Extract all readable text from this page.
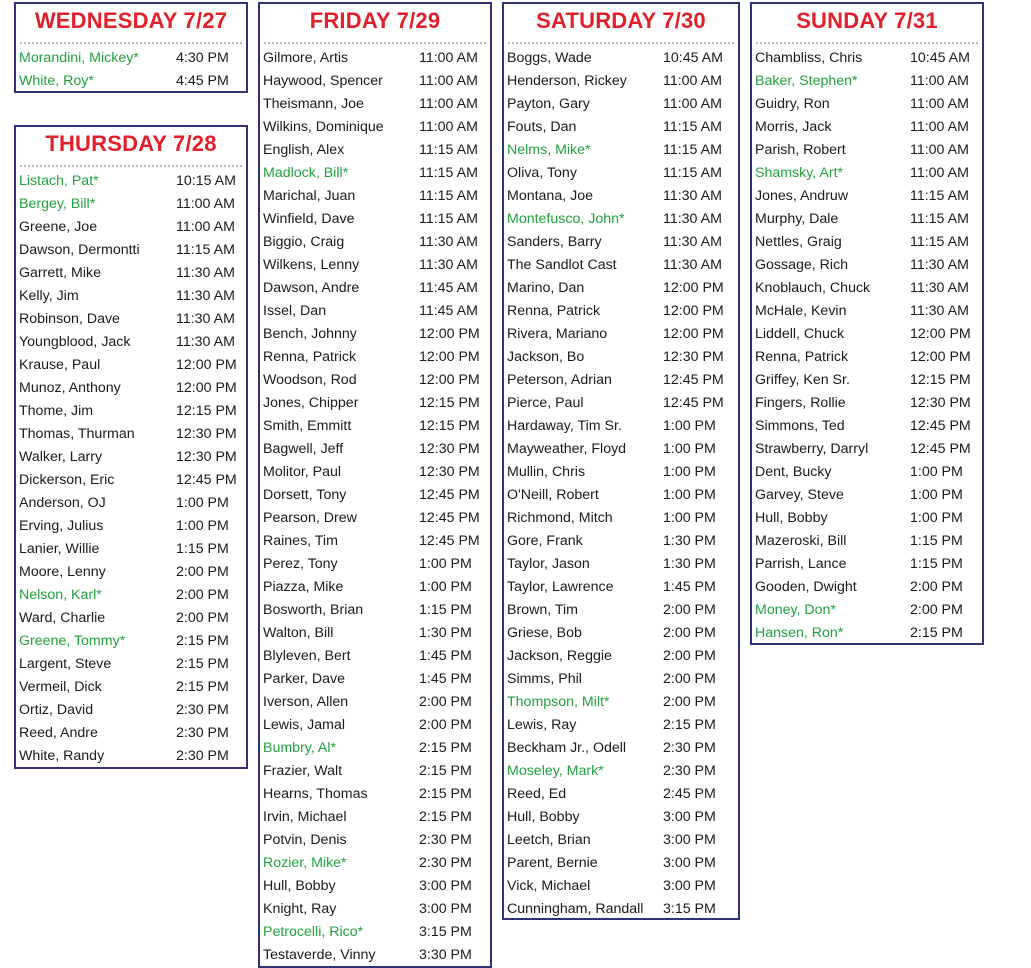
WEDNESDAY 7/27
Morandini, Mickey*	4:30 PM
White, Roy*	4:45 PM
THURSDAY 7/28
Listach, Pat*	10:15 AM
Bergey, Bill*	11:00 AM
Greene, Joe	11:00 AM
Dawson, Dermontti	11:15 AM
Garrett, Mike	11:30 AM
Kelly, Jim	11:30 AM
Robinson, Dave	11:30 AM
Youngblood, Jack	11:30 AM
Krause, Paul	12:00 PM
Munoz, Anthony	12:00 PM
Thome, Jim	12:15 PM
Thomas, Thurman	12:30 PM
Walker, Larry	12:30 PM
Dickerson, Eric	12:45 PM
Anderson, OJ	1:00 PM
Erving, Julius	1:00 PM
Lanier, Willie	1:15 PM
Moore, Lenny	2:00 PM
Nelson, Karl*	2:00 PM
Ward, Charlie	2:00 PM
Greene, Tommy*	2:15 PM
Largent, Steve	2:15 PM
Vermeil, Dick	2:15 PM
Ortiz, David	2:30 PM
Reed, Andre	2:30 PM
White, Randy	2:30 PM
FRIDAY 7/29
Gilmore, Artis	11:00 AM
Haywood, Spencer	11:00 AM
Theismann, Joe	11:00 AM
Wilkins, Dominique 11:00 AM
English, Alex	11:15 AM
Madlock, Bill*	11:15 AM
Marichal, Juan	11:15 AM
Winfield, Dave	11:15 AM
Biggio, Craig	11:30 AM
Wilkens, Lenny	11:30 AM
Dawson, Andre	11:45 AM
Issel, Dan	11:45 AM
Bench, Johnny	12:00 PM
Renna, Patrick	12:00 PM
Woodson, Rod	12:00 PM
Jones, Chipper	12:15 PM
Smith, Emmitt	12:15 PM
Bagwell, Jeff	12:30 PM
Molitor, Paul	12:30 PM
Dorsett, Tony	12:45 PM
Pearson, Drew	12:45 PM
Raines, Tim	12:45 PM
Perez, Tony	1:00 PM
Piazza, Mike	1:00 PM
Bosworth, Brian	1:15 PM
Walton, Bill	1:30 PM
Blyleven, Bert	1:45 PM
Parker, Dave	1:45 PM
Iverson, Allen	2:00 PM
Lewis, Jamal	2:00 PM
Bumbry, Al*	2:15 PM
Frazier, Walt	2:15 PM
Hearns, Thomas	2:15 PM
Irvin, Michael	2:15 PM
Potvin, Denis	2:30 PM
Rozier, Mike*	2:30 PM
Hull, Bobby	3:00 PM
Knight, Ray	3:00 PM
Petrocelli, Rico*	3:15 PM
Testaverde, Vinny	3:30 PM
SATURDAY 7/30
Boggs, Wade	10:45 AM
Henderson, Rickey	11:00 AM
Payton, Gary	11:00 AM
Fouts, Dan	11:15 AM
Nelms, Mike*	11:15 AM
Oliva, Tony	11:15 AM
Montana, Joe	11:30 AM
Montefusco, John*	11:30 AM
Sanders, Barry	11:30 AM
The Sandlot Cast	11:30 AM
Marino, Dan	12:00 PM
Renna, Patrick	12:00 PM
Rivera, Mariano	12:00 PM
Jackson, Bo	12:30 PM
Peterson, Adrian	12:45 PM
Pierce, Paul	12:45 PM
Hardaway, Tim Sr.	1:00 PM
Mayweather, Floyd	1:00 PM
Mullin, Chris	1:00 PM
O'Neill, Robert	1:00 PM
Richmond, Mitch	1:00 PM
Gore, Frank	1:30 PM
Taylor, Jason	1:30 PM
Taylor, Lawrence	1:45 PM
Brown, Tim	2:00 PM
Griese, Bob	2:00 PM
Jackson, Reggie	2:00 PM
Simms, Phil	2:00 PM
Thompson, Milt*	2:00 PM
Lewis, Ray	2:15 PM
Beckham Jr., Odell	2:30 PM
Moseley, Mark*	2:30 PM
Reed, Ed	2:45 PM
Hull, Bobby	3:00 PM
Leetch, Brian	3:00 PM
Parent, Bernie	3:00 PM
Vick, Michael	3:00 PM
Cunningham, Randall 3:15 PM
SUNDAY 7/31
Chambliss, Chris	10:45 AM
Baker, Stephen*	11:00 AM
Guidry, Ron	11:00 AM
Morris, Jack	11:00 AM
Parish, Robert	11:00 AM
Shamsky, Art*	11:00 AM
Jones, Andruw	11:15 AM
Murphy, Dale	11:15 AM
Nettles, Graig	11:15 AM
Gossage, Rich	11:30 AM
Knoblauch, Chuck	11:30 AM
McHale, Kevin	11:30 AM
Liddell, Chuck	12:00 PM
Renna, Patrick	12:00 PM
Griffey, Ken Sr.	12:15 PM
Fingers, Rollie	12:30 PM
Simmons, Ted	12:45 PM
Strawberry, Darryl	12:45 PM
Dent, Bucky	1:00 PM
Garvey, Steve	1:00 PM
Hull, Bobby	1:00 PM
Mazeroski, Bill	1:15 PM
Parrish, Lance	1:15 PM
Gooden, Dwight	2:00 PM
Money, Don*	2:00 PM
Hansen, Ron*	2:15 PM
